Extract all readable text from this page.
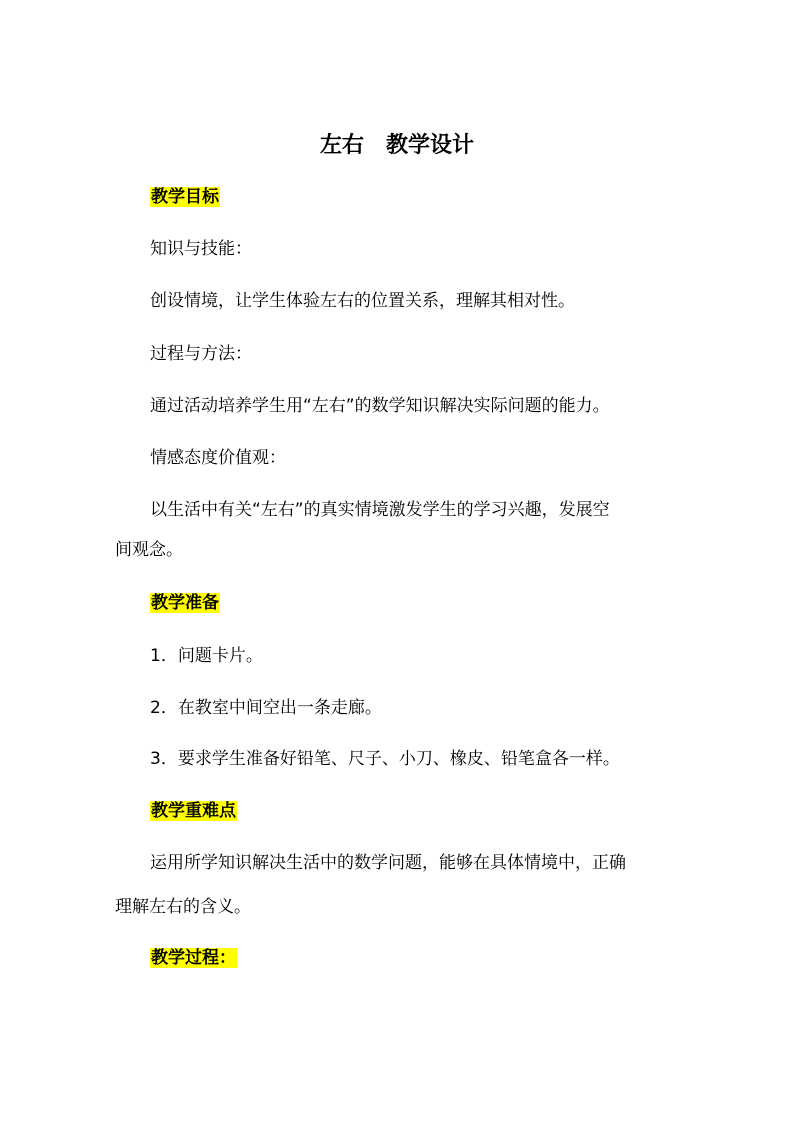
左右　教学设计
教学目标
知识与技能：
创设情境，让学生体验左右的位置关系，理解其相对性。
过程与方法：
通过活动培养学生用“左右”的数学知识解决实际问题的能力。
情感态度价值观：
以生活中有关“左右”的真实情境激发学生的学习兴趣，发展空
间观念。
教学准备
1．问题卡片。
2．在教室中间空出一条走廊。
3．要求学生准备好铅笔、尺子、小刀、橡皮、铅笔盒各一样。
教学重难点
运用所学知识解决生活中的数学问题，能够在具体情境中，正确
理解左右的含义。
教学过程：
